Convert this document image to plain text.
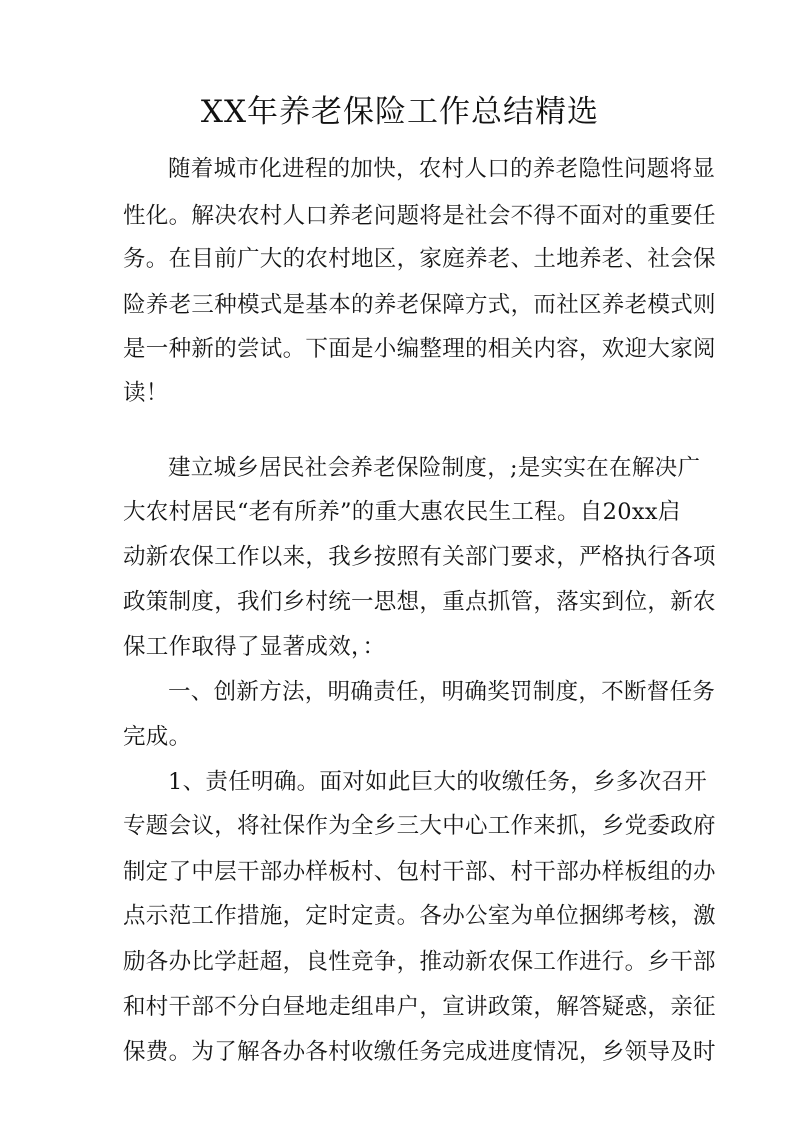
XX年养老保险工作总结精选
随着城市化进程的加快，农村人口的养老隐性问题将显
性化。解决农村人口养老问题将是社会不得不面对的重要任
务。在目前广大的农村地区，家庭养老、土地养老、社会保
险养老三种模式是基本的养老保障方式，而社区养老模式则
是一种新的尝试。下面是小编整理的相关内容，欢迎大家阅
读！
建立城乡居民社会养老保险制度，;是实实在在解决广
大农村居民“老有所养”的重大惠农民生工程。自20xx启
动新农保工作以来，我乡按照有关部门要求，严格执行各项
政策制度，我们乡村统一思想，重点抓管，落实到位，新农
保工作取得了显著成效，：
一、创新方法，明确责任，明确奖罚制度，不断督任务
完成。
1、责任明确。面对如此巨大的收缴任务，乡多次召开
专题会议，将社保作为全乡三大中心工作来抓，乡党委政府
制定了中层干部办样板村、包村干部、村干部办样板组的办
点示范工作措施，定时定责。各办公室为单位捆绑考核，激
励各办比学赶超，良性竞争，推动新农保工作进行。乡干部
和村干部不分白昼地走组串户，宣讲政策，解答疑惑，亲征
保费。为了解各办各村收缴任务完成进度情况，乡领导及时
